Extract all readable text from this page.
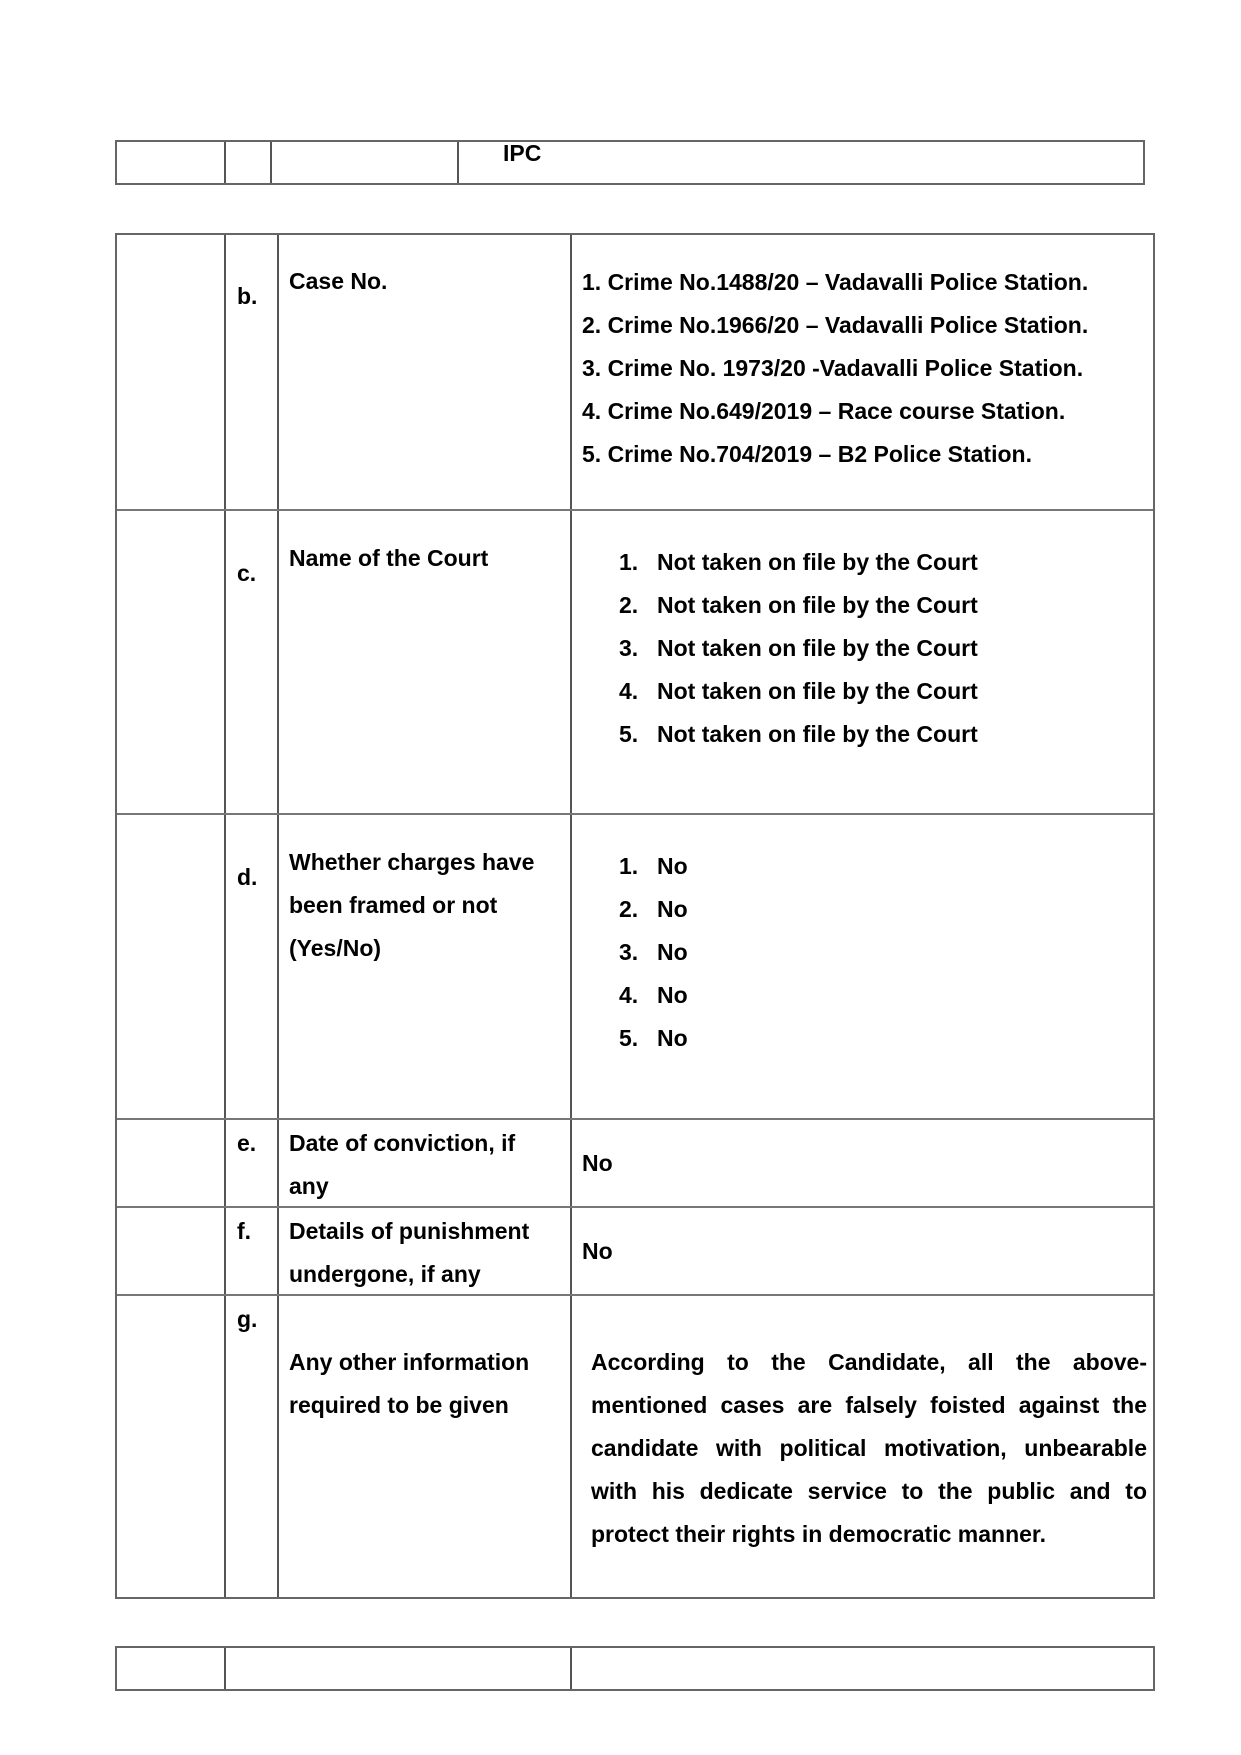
IPC
b.
Case No.	1. Crime No.1488/20 – Vadavalli Police Station.
2. Crime No.1966/20 – Vadavalli Police Station.
3. Crime No. 1973/20 -Vadavalli Police Station.
4. Crime No.649/2019 – Race course Station.
5. Crime No.704/2019 – B2 Police Station.
c.
Name of the Court	1. Not taken on file by the Court
2. Not taken on file by the Court
3. Not taken on file by the Court
4. Not taken on file by the Court
5. Not taken on file by the Court
d.
Whether charges have
been framed or not
(Yes/No)
1. No
2. No
3. No
4. No
5. No
e. Date of conviction, if
any
No
f. Details of punishment
undergone, if any
No
g.
Any other information
required to be given
According to the Candidate, all the above-mentioned cases are falsely foisted against the candidate with political motivation, unbearable with his dedicate service to the public and to protect their rights in democratic manner.
